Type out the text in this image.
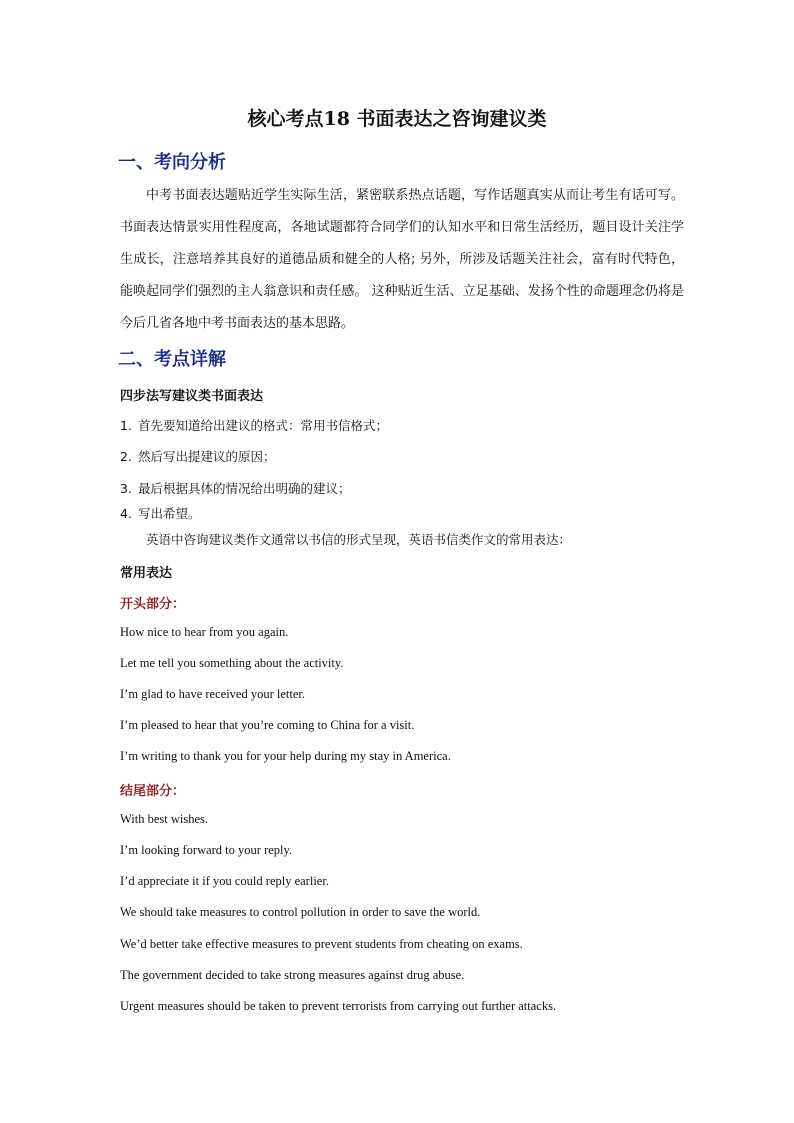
核心考点18 书面表达之咨询建议类
一、考向分析

中考书面表达题贴近学生实际生活，紧密联系热点话题，写作话题真实从而让考生有话可写。书面表达情景实用性程度高，各地试题都符合同学们的认知水平和日常生活经历，题目设计关注学生成长，注意培养其良好的道德品质和健全的人格; 另外，所涉及话题关注社会，富有时代特色，能唤起同学们强烈的主人翁意识和责任感。 这种贴近生活、立足基础、发扬个性的命题理念仍将是今后几省各地中考书面表达的基本思路。

二、考点详解
四步法写建议类书面表达
1. 首先要知道给出建议的格式：常用书信格式；
2. 然后写出提建议的原因；
3. 最后根据具体的情况给出明确的建议；
4. 写出希望。
英语中咨询建议类作文通常以书信的形式呈现，英语书信类作文的常用表达：
常用表达
开头部分：
How nice to hear from you again.
Let me tell you something about the activity.
I’m glad to have received your letter.
I’m pleased to hear that you’re coming to China for a visit.
I’m writing to thank you for your help during my stay in America.
结尾部分：
With best wishes.
I’m looking forward to your reply.
I’d appreciate it if you could reply earlier.
We should take measures to control pollution in order to save the world.
We’d better take effective measures to prevent students from cheating on exams.
The government decided to take strong measures against drug abuse.
Urgent measures should be taken to prevent terrorists from carrying out further attacks.
